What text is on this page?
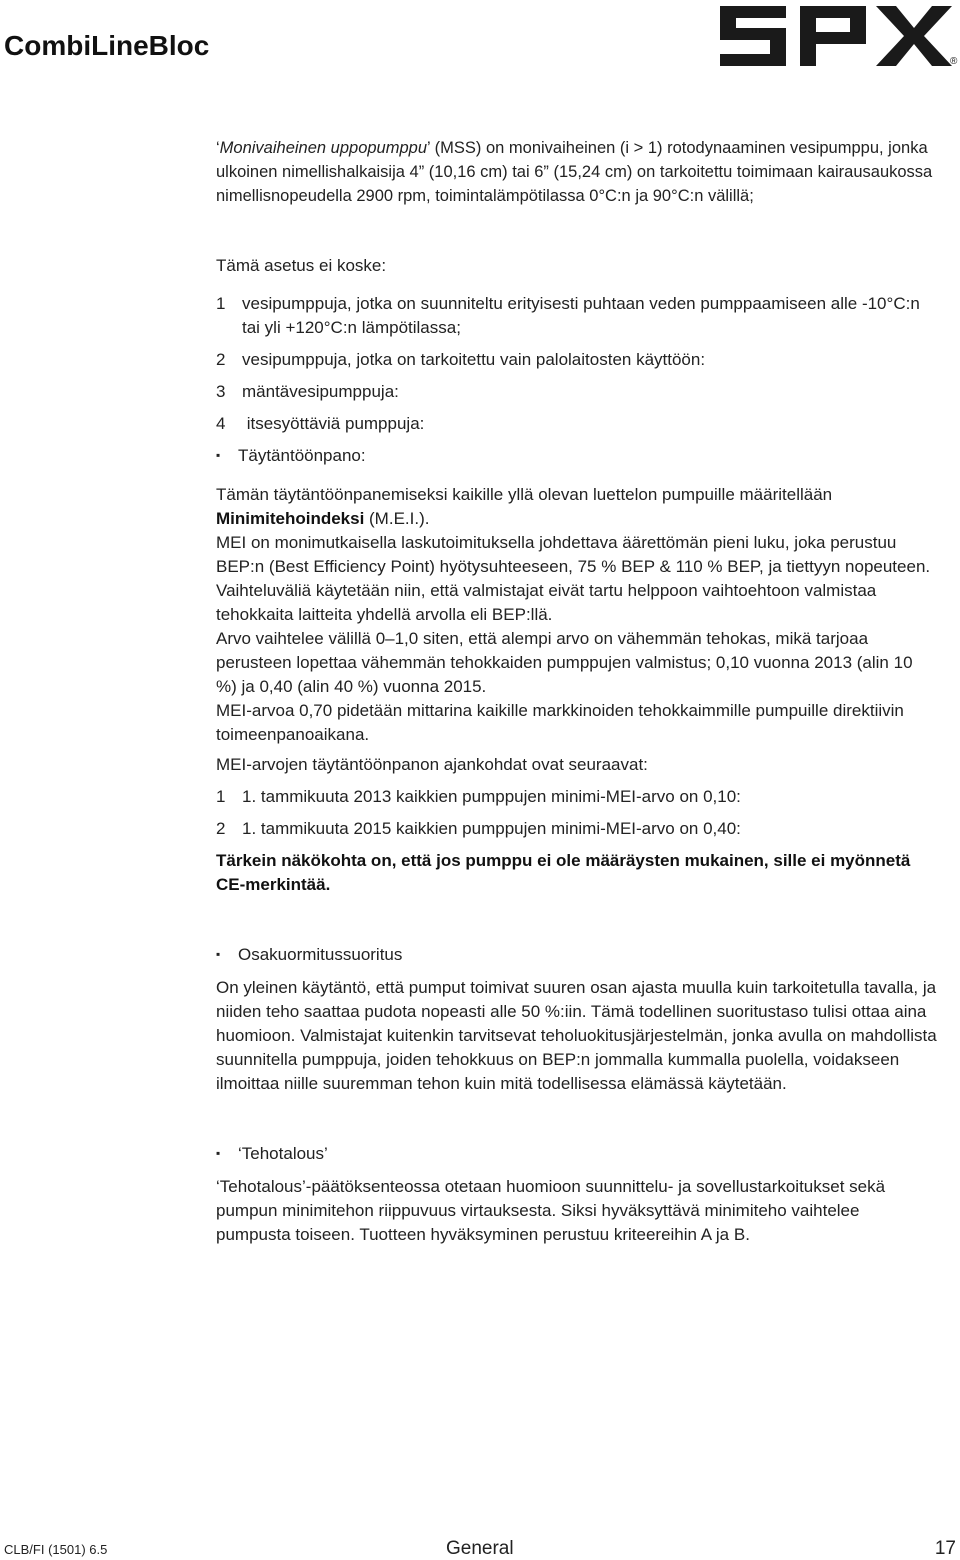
CombiLineBloc
®

‘Monivaiheinen uppopumppu’ (MSS) on monivaiheinen (i > 1) rotodynaaminen vesipumppu, jonka ulkoinen nimellishalkaisija 4” (10,16 cm) tai 6” (15,24 cm) on tarkoitettu toimimaan kairausaukossa nimellisnopeudella 2900 rpm, toimintalämpötilassa 0°C:n ja 90°C:n välillä;

Tämä asetus ei koske:

1 vesipumppuja, jotka on suunniteltu erityisesti puhtaan veden pumppaamiseen alle -10°C:n tai yli +120°C:n lämpötilassa;
2 vesipumppuja, jotka on tarkoitettu vain palolaitosten käyttöön:
3 mäntävesipumppuja:
4 itsesyöttäviä pumppuja:
▪	Täytäntöönpano:

Tämän täytäntöönpanemiseksi kaikille yllä olevan luettelon pumpuille määritellään Minimitehoindeksi (M.E.I.).

MEI on monimutkaisella laskutoimituksella johdettava äärettömän pieni luku, joka perustuu BEP:n (Best Efficiency Point) hyötysuhteeseen, 75 % BEP & 110 % BEP, ja tiettyyn nopeuteen. Vaihteluväliä käytetään niin, että valmistajat eivät tartu helppoon vaihtoehtoon valmistaa tehokkaita laitteita yhdellä arvolla eli BEP:llä.

Arvo vaihtelee välillä 0–1,0 siten, että alempi arvo on vähemmän tehokas, mikä tarjoaa perusteen lopettaa vähemmän tehokkaiden pumppujen valmistus; 0,10 vuonna 2013 (alin 10 %) ja 0,40 (alin 40 %) vuonna 2015.

MEI-arvoa 0,70 pidetään mittarina kaikille markkinoiden tehokkaimmille pumpuille direktiivin toimeenpanoaikana.

MEI-arvojen täytäntöönpanon ajankohdat ovat seuraavat:

1 1. tammikuuta 2013 kaikkien pumppujen minimi-MEI-arvo on 0,10:
2 1. tammikuuta 2015 kaikkien pumppujen minimi-MEI-arvo on 0,40:

Tärkein näkökohta on, että jos pumppu ei ole määräysten mukainen, sille ei myönnetä CE-merkintää.

▪	Osakuormitussuoritus

On yleinen käytäntö, että pumput toimivat suuren osan ajasta muulla kuin tarkoitetulla tavalla, ja niiden teho saattaa pudota nopeasti alle 50 %:iin. Tämä todellinen suoritustaso tulisi ottaa aina huomioon. Valmistajat kuitenkin tarvitsevat teholuokitusjärjestelmän, jonka avulla on mahdollista suunnitella pumppuja, joiden tehokkuus on BEP:n jommalla kummalla puolella, voidakseen ilmoittaa niille suuremman tehon kuin mitä todellisessa elämässä käytetään.

▪	‘Tehotalous’

‘Tehotalous’-päätöksenteossa otetaan huomioon suunnittelu- ja sovellustarkoitukset sekä pumpun minimitehon riippuvuus virtauksesta. Siksi hyväksyttävä minimiteho vaihtelee pumpusta toiseen. Tuotteen hyväksyminen perustuu kriteereihin A ja B.

CLB/FI (1501) 6.5	General	17
